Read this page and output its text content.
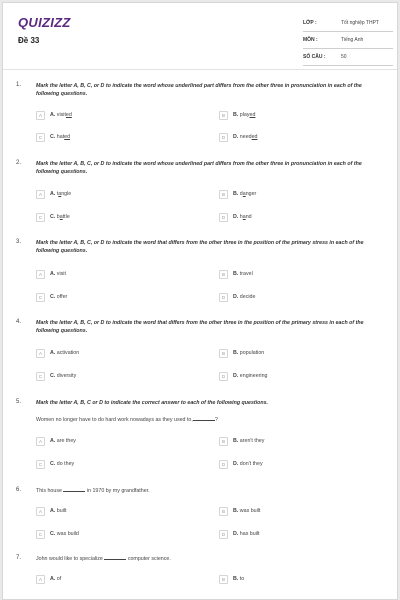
QUIZIZZ
Đề 33
LỚP :	Tốt nghiệp THPT
MÔN :	Tiếng Anh
SỐ CÂU :	50
1.	Mark the letter A, B, C, or D to indicate the word whose underlined part differs from the other three in pronunciation in each of the following questions.
A	A. visited	B	B. played
C	C. hated	D	D. needed
2.	Mark the letter A, B, C, or D to indicate the word whose underlined part differs from the other three in pronunciation in each of the following questions.
A	A. tangle	B	B. danger
C	C. battle	D	D. hand
3.	Mark the letter A, B, C, or D to indicate the word that differs from the other three in the position of the primary stress in each of the following questions.
A	A. visit	B	B. travel
C	C. offer	D	D. decide
4.	Mark the letter A, B, C, or D to indicate the word that differs from the other three in the position of the primary stress in each of the following questions.
A	A. activation	B	B. population
C	C. diversity	D	D. engineering
5.	Mark the letter A, B, C or D to indicate the correct answer to each of the following questions.
Women no longer have to do hard work nowadays as they used to,	?
A	A. are they	B	B. aren't they
C	C. do they	D	D. don't they
6.	This house	in 1970 by my grandfather.
A	A. built	B	B. was built
C	C. was build	D	D. has built
7.	John would like to specialize	computer science.
A	A. of	B	B. to
